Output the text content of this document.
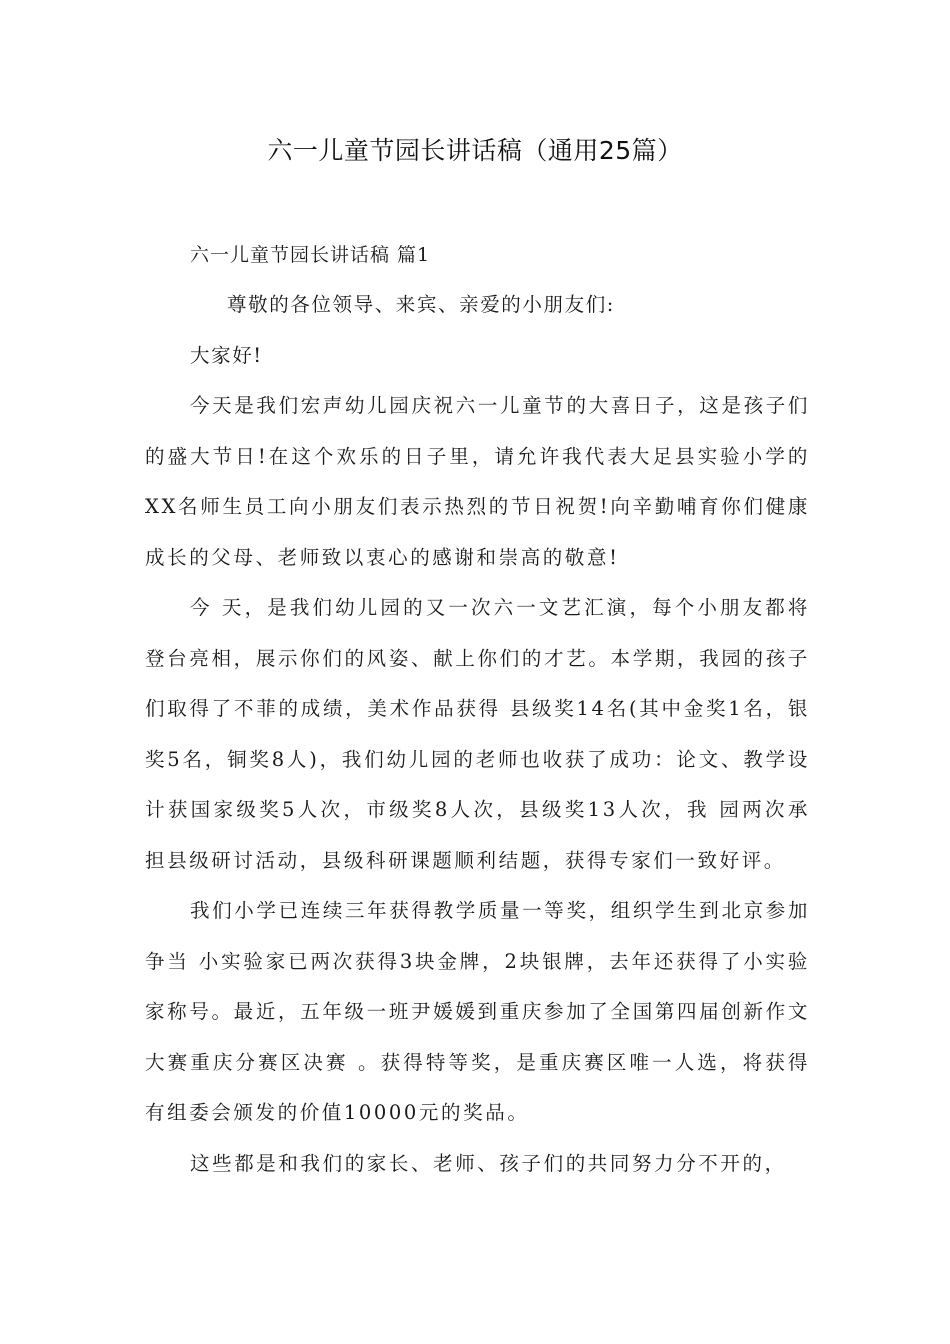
六一儿童节园长讲话稿（通用25篇）
六一儿童节园长讲话稿 篇1

尊敬的各位领导、来宾、亲爱的小朋友们:

大家好!

今天是我们宏声幼儿园庆祝六一儿童节的大喜日子，这是孩子们的盛大节日!在这个欢乐的日子里，请允许我代表大足县实验小学的XX名师生员工向小朋友们表示热烈的节日祝贺!向辛勤哺育你们健康成长的父母、老师致以衷心的感谢和崇高的敬意!

今 天，是我们幼儿园的又一次六一文艺汇演，每个小朋友都将登台亮相，展示你们的风姿、献上你们的才艺。本学期，我园的孩子们取得了不菲的成绩，美术作品获得 县级奖14名(其中金奖1名，银奖5名，铜奖8人)，我们幼儿园的老师也收获了成功：论文、教学设计获国家级奖5人次，市级奖8人次，县级奖13人次，我 园两次承担县级研讨活动，县级科研课题顺利结题，获得专家们一致好评。

我们小学已连续三年获得教学质量一等奖，组织学生到北京参加争当 小实验家已两次获得3块金牌，2块银牌，去年还获得了小实验家称号。最近，五年级一班尹媛媛到重庆参加了全国第四届创新作文大赛重庆分赛区决赛 。获得特等奖，是重庆赛区唯一人选，将获得有组委会颁发的价值10000元的奖品。

这些都是和我们的家长、老师、孩子们的共同努力分不开的，
